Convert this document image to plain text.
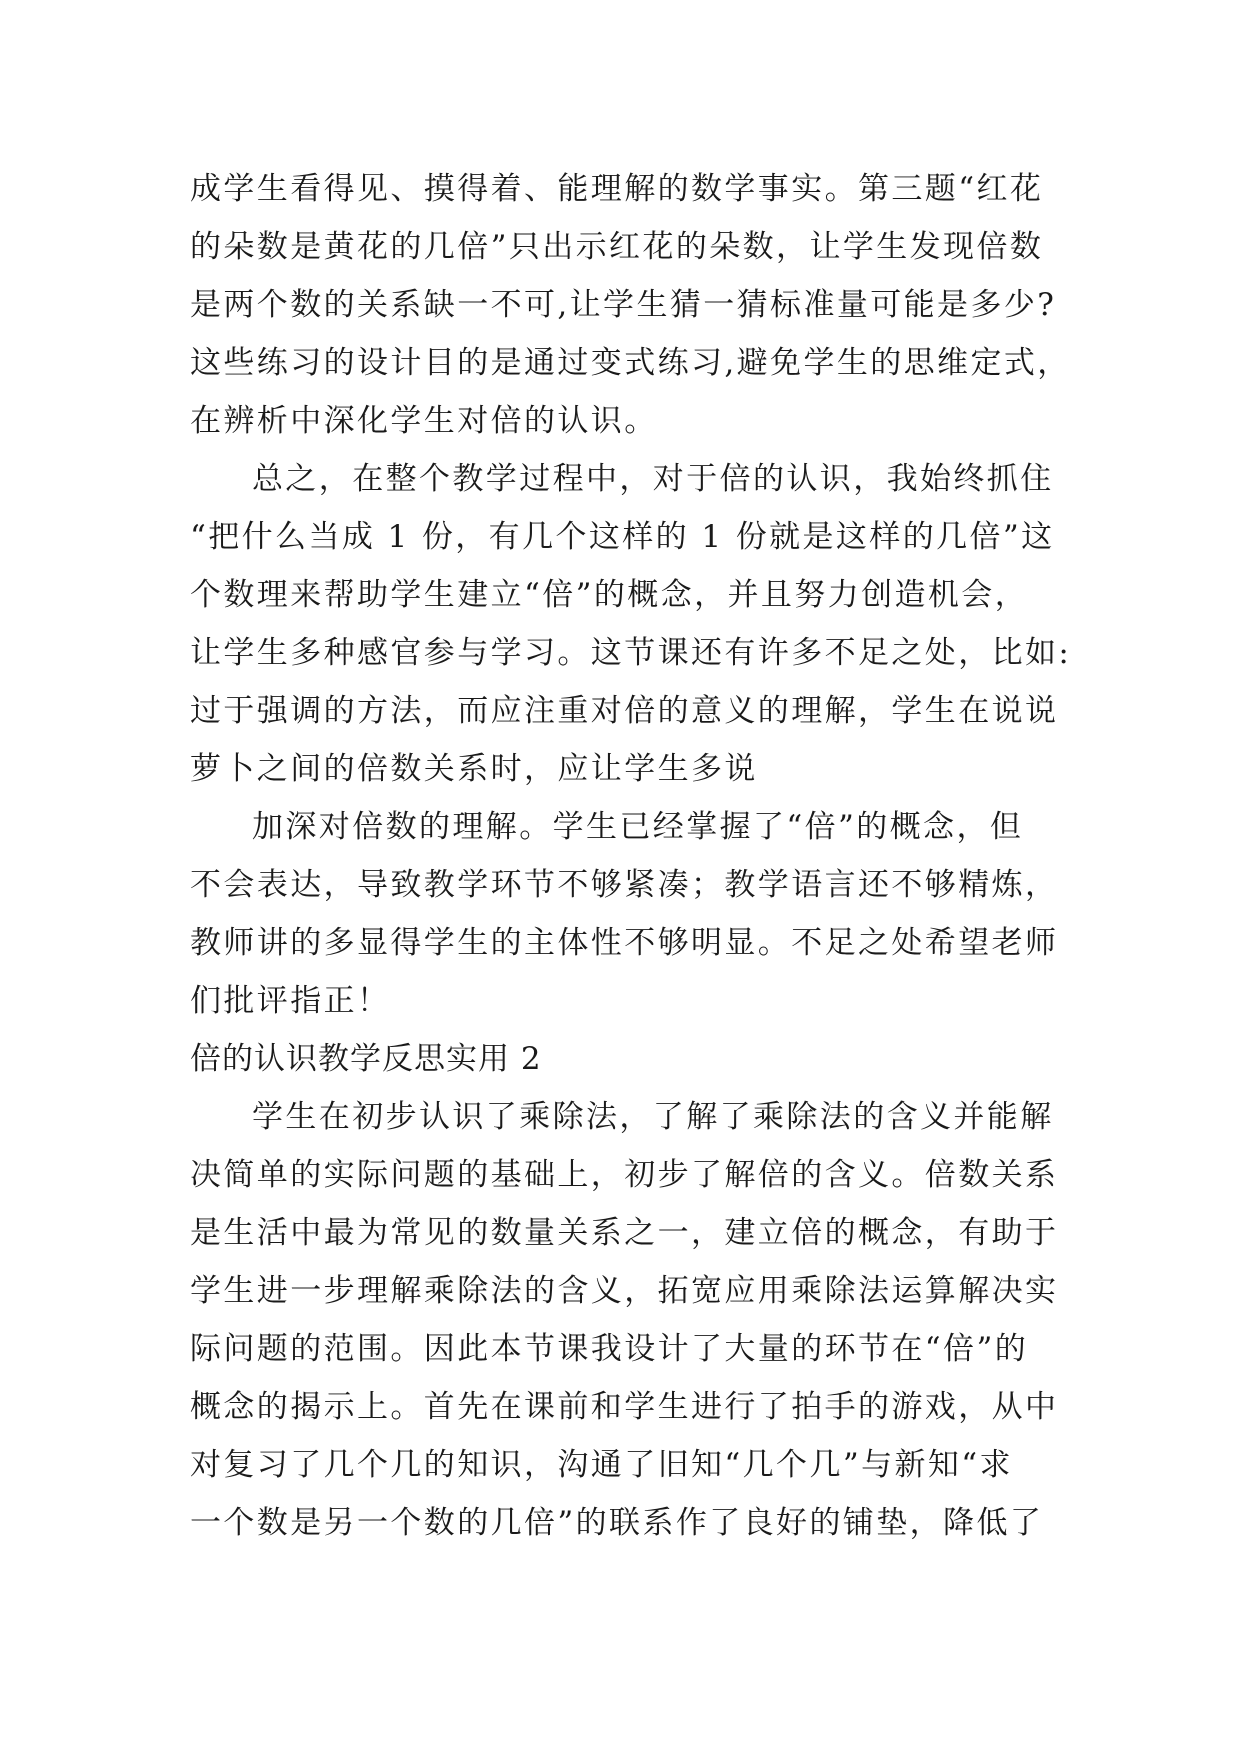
成学生看得见、摸得着、能理解的数学事实。第三题“红花
的朵数是黄花的几倍”只出示红花的朵数，让学生发现倍数
是两个数的关系缺一不可,让学生猜一猜标准量可能是多少?
这些练习的设计目的是通过变式练习,避免学生的思维定式，
在辨析中深化学生对倍的认识。
总之，在整个教学过程中，对于倍的认识，我始终抓住
“把什么当成 1 份，有几个这样的 1 份就是这样的几倍”这
个数理来帮助学生建立“倍”的概念，并且努力创造机会，
让学生多种感官参与学习。这节课还有许多不足之处，比如:
过于强调的方法，而应注重对倍的意义的理解，学生在说说
萝卜之间的倍数关系时，应让学生多说
加深对倍数的理解。学生已经掌握了“倍”的概念，但
不会表达，导致教学环节不够紧凑；教学语言还不够精炼，
教师讲的多显得学生的主体性不够明显。不足之处希望老师
们批评指正！
倍的认识教学反思实用 2
学生在初步认识了乘除法，了解了乘除法的含义并能解
决简单的实际问题的基础上，初步了解倍的含义。倍数关系
是生活中最为常见的数量关系之一，建立倍的概念，有助于
学生进一步理解乘除法的含义，拓宽应用乘除法运算解决实
际问题的范围。因此本节课我设计了大量的环节在“倍”的
概念的揭示上。首先在课前和学生进行了拍手的游戏，从中
对复习了几个几的知识，沟通了旧知“几个几”与新知“求
一个数是另一个数的几倍”的联系作了良好的铺垫，降低了
